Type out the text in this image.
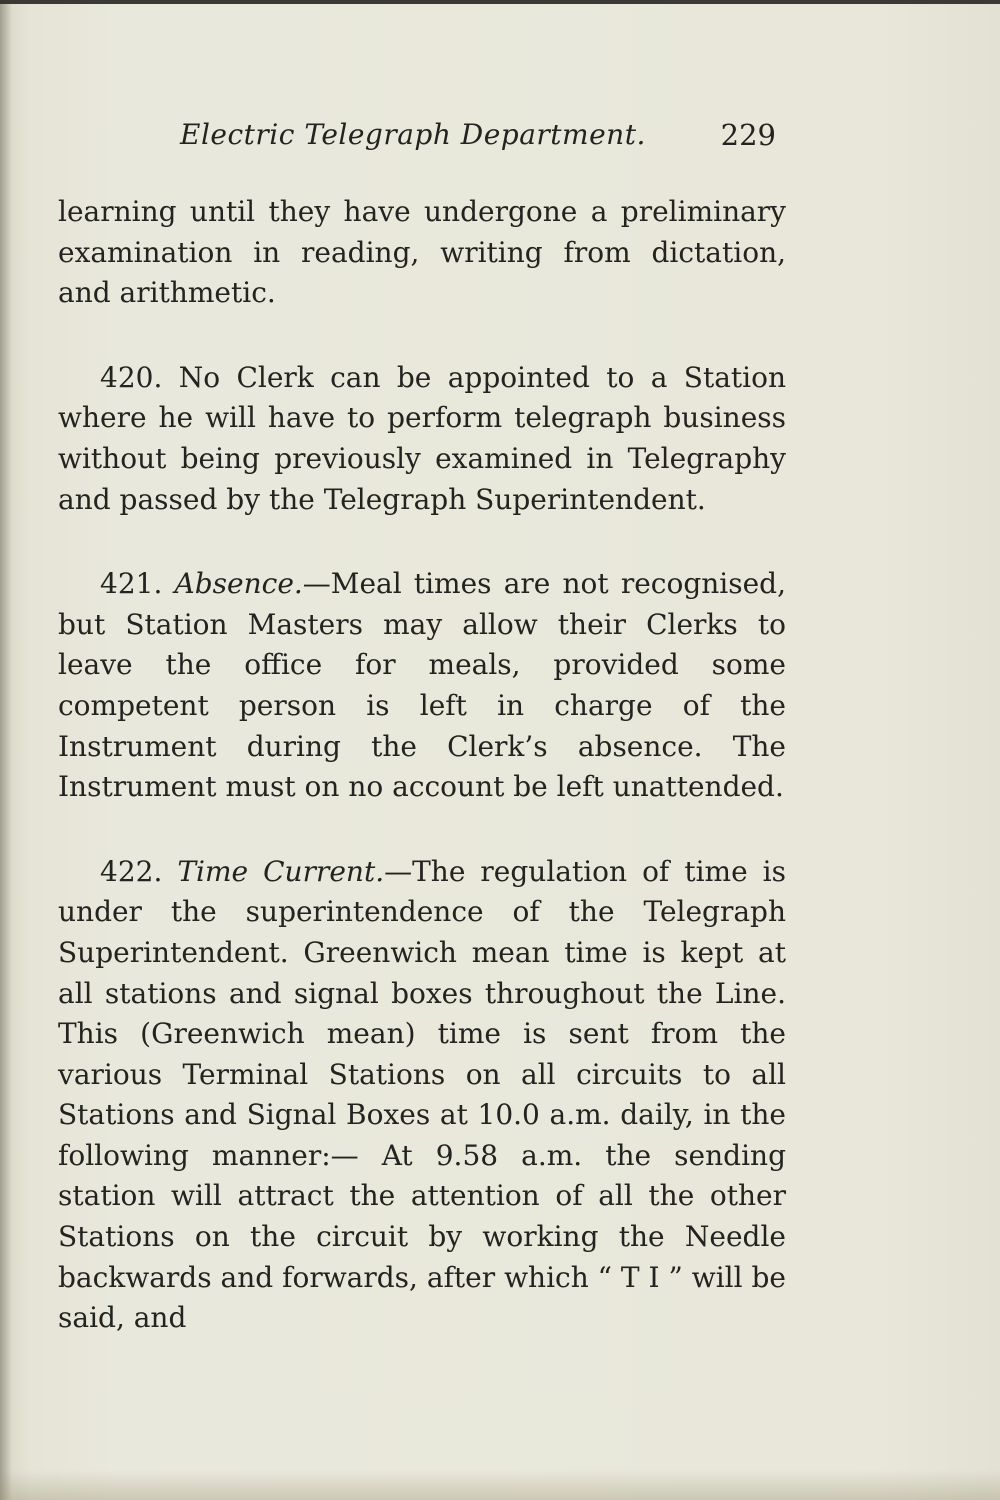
Electric Telegraph Department.	229

learning until they have undergone a preliminary examination in reading, writing from dictation, and arithmetic.

420. No Clerk can be appointed to a Station where he will have to perform telegraph business without being previously examined in Telegraphy and passed by the Telegraph Superintendent.

421. Absence.—Meal times are not recognised, but Station Masters may allow their Clerks to leave the office for meals, provided some competent person is left in charge of the Instrument during the Clerk’s absence. The Instrument must on no account be left unattended.

422. Time Current.—The regulation of time is under the superintendence of the Telegraph Superintendent. Greenwich mean time is kept at all stations and signal boxes throughout the Line. This (Greenwich mean) time is sent from the various Terminal Stations on all circuits to all Stations and Signal Boxes at 10.0 a.m. daily, in the following manner:— At 9.58 a.m. the sending station will attract the attention of all the other Stations on the circuit by working the Needle backwards and forwards, after which “ T I ” will be said, and
